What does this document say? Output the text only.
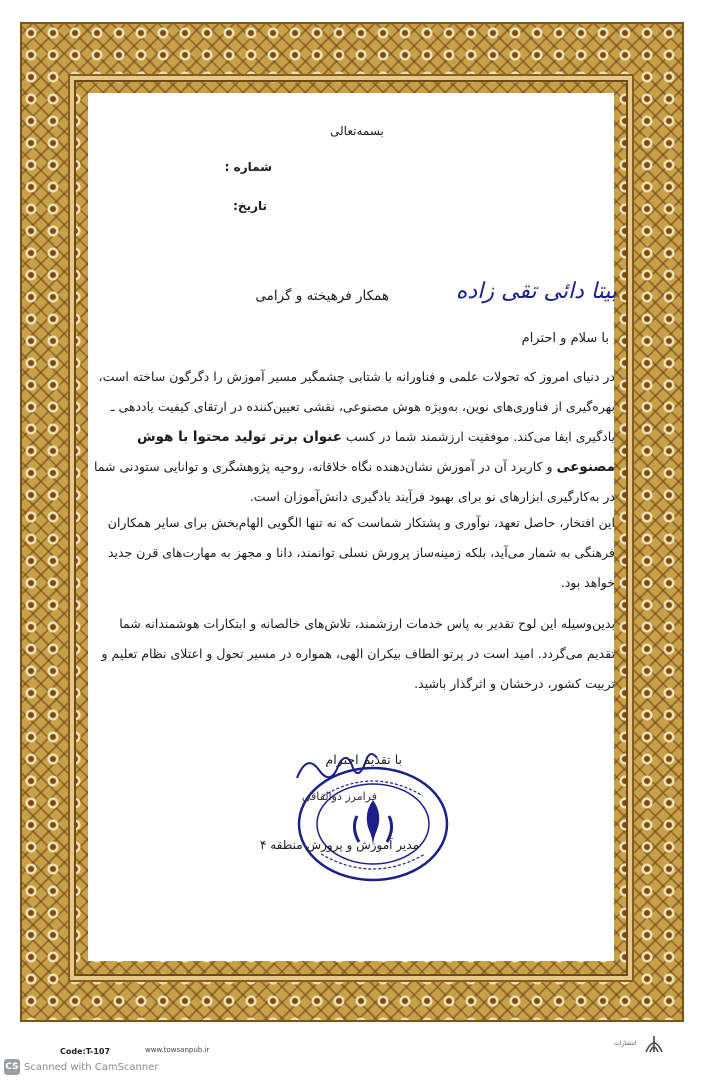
بسمه‌تعالی
شماره :
تاریخ:
بیتا دائی تقی زاده
همکار فرهیخته و گرامی
با سلام و احترام
در دنیای امروز که تحولات علمی و فناورانه با شتابی چشمگیر مسیر آموزش را دگرگون ساخته است، بهره‌گیری از فناوری‌های نوین، به‌ویژه هوش مصنوعی، نقشی تعیین‌کننده در ارتقای کیفیت یاددهی ـ یادگیری ایفا می‌کند. موفقیت ارزشمند شما در کسب عنوان برتر تولید محتوا با هوش مصنوعی و کاربرد آن در آموزش نشان‌دهنده نگاه خلاقانه، روحیه پژوهشگری و توانایی ستودنی شما در به‌کارگیری ابزارهای نو برای بهبود فرآیند یادگیری دانش‌آموزان است.
این افتخار، حاصل تعهد، نوآوری و پشتکار شماست که نه تنها الگویی الهام‌بخش برای سایر همکاران فرهنگی به شمار می‌آید، بلکه زمینه‌ساز پرورش نسلی توانمند، دانا و مجهز به مهارت‌های قرن جدید خواهد بود.
بدین‌وسیله این لوح تقدیر به پاس خدمات ارزشمند، تلاش‌های خالصانه و ابتکارات هوشمندانه شما تقدیم می‌گردد. امید است در پرتو الطاف بیکران الهی، همواره در مسیر تحول و اعتلای نظام تعلیم و تربیت کشور، درخشان و اثرگذار باشید.
با تقدیم احترام
فرامرز دوالفاقی
مدیر آموزش و پرورش منطقه ۴
Code:T-107	www.towsanpub.ir
انتشارات
CS Scanned with CamScanner
